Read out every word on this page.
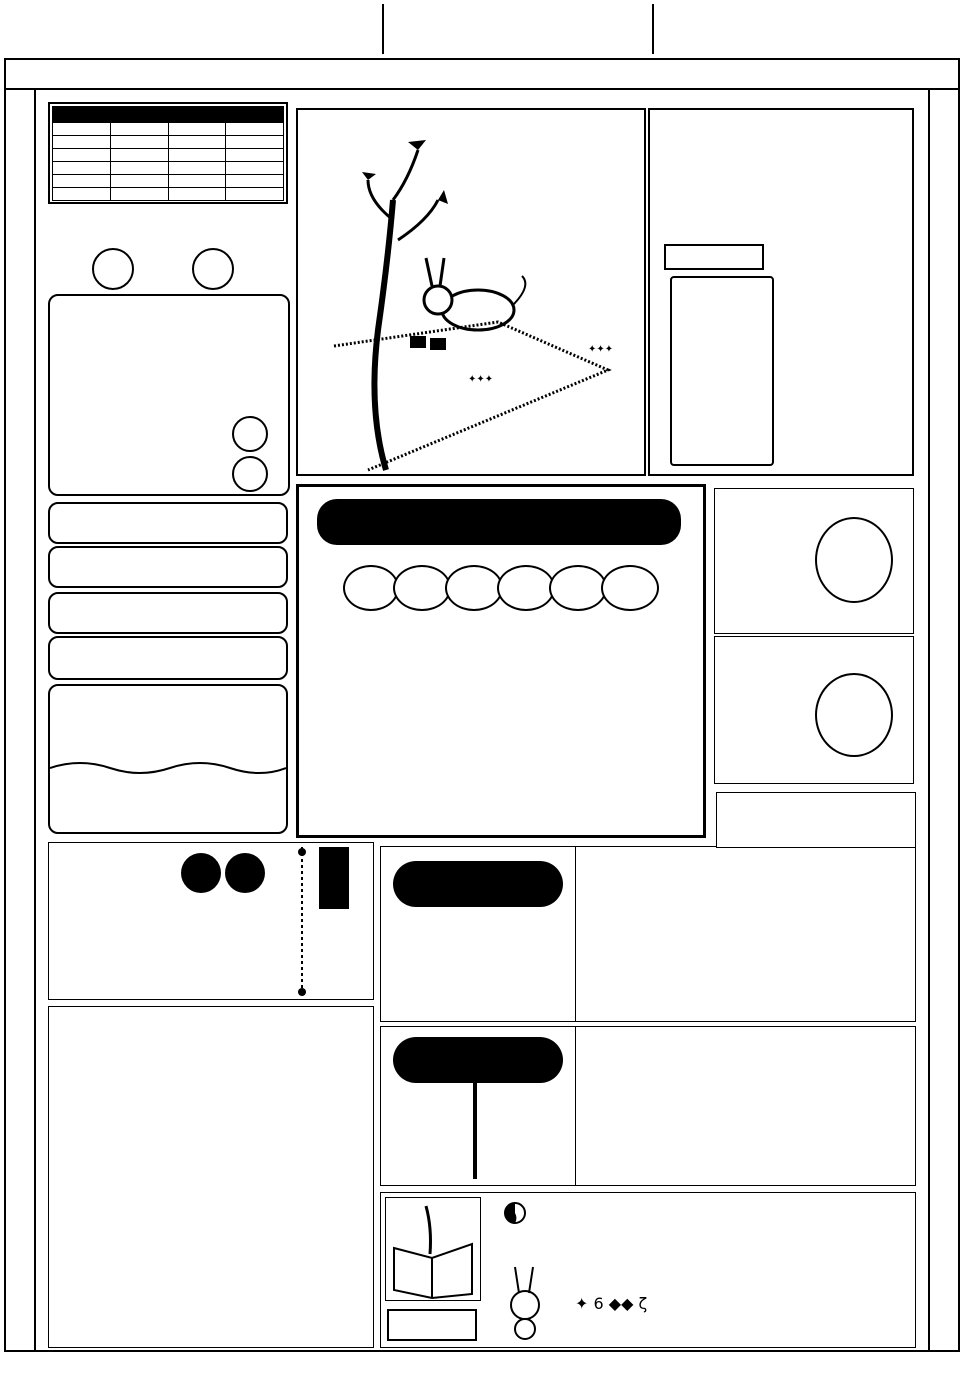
✦✦✦
✦✦✦
✦ 6 ◆◆ ζ
